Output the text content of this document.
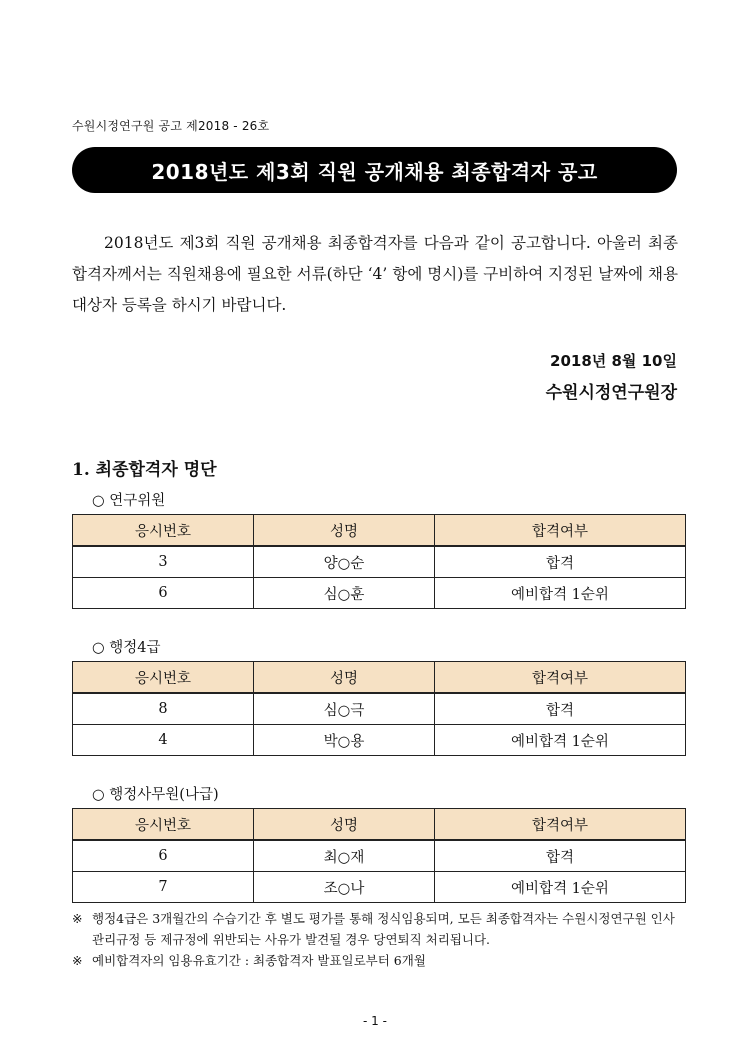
수원시정연구원 공고 제2018 - 26호
2018년도 제3회 직원 공개채용 최종합격자 공고

2018년도 제3회 직원 공개채용 최종합격자를 다음과 같이 공고합니다. 아울러 최종합격자께서는 직원채용에 필요한 서류(하단 ‘4’ 항에 명시)를 구비하여 지정된 날짜에 채용대상자 등록을 하시기 바랍니다.

2018년 8월 10일
수원시정연구원장
1. 최종합격자 명단
○ 연구위원
응시번호	성명	합격여부
3	양○순	합격
6	심○훈	예비합격 1순위
○ 행정4급
응시번호	성명	합격여부
8	심○극	합격
4	박○용	예비합격 1순위
○ 행정사무원(나급)
응시번호	성명	합격여부
6	최○재	합격
7	조○나	예비합격 1순위
※ 행정4급은 3개월간의 수습기간 후 별도 평가를 통해 정식임용되며, 모든 최종합격자는 수원시정연구원 인사관리규정 등 제규정에 위반되는 사유가 발견될 경우 당연퇴직 처리됩니다.
※ 예비합격자의 임용유효기간 : 최종합격자 발표일로부터 6개월
- 1 -
